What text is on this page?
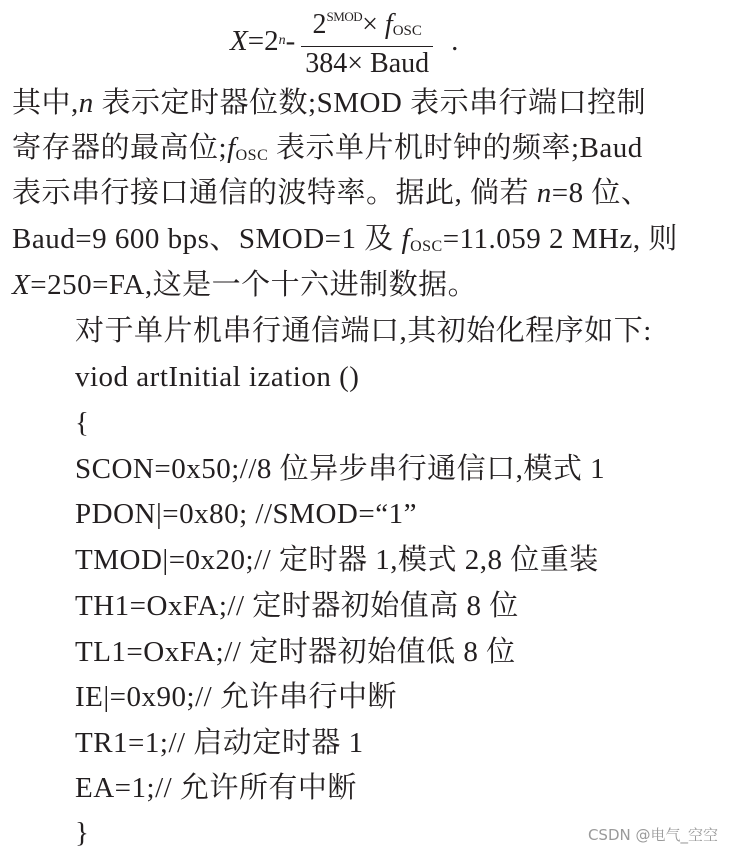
X =2 n - $\frac{2^{SMOD}\times f_{OSC}}{\text{384× Baud}}$ .
其中,n 表示定时器位数;SMOD 表示串行端口控制
寄存器的最高位$;f_{OSC}$ 表示单片机时钟的频率;Baud
表示串行接口通信的波特率。据此, 倘若 n=8 位、
Baud=9 600 bps、SMOD=1 及 $f_{OSC}=11.059$ 2 MHz, 则
X=250=FA,这是一个十六进制数据。
对于单片机串行通信端口,其初始化程序如下:
viod artInitial ization ()
{
SCON=0x50;//8 位异步串行通信口,模式 1
PDON|=0x80; //SMOD=“1”
TMOD|=0x20;// 定时器 1,模式 2,8 位重装
TH1=OxFA;// 定时器初始值高 8 位
TL1=OxFA;// 定时器初始值低 8 位
IE|=0x90;// 允许串行中断
TR1=1;// 启动定时器 1
EA=1;// 允许所有中断
}	CSDN @电气_空空
